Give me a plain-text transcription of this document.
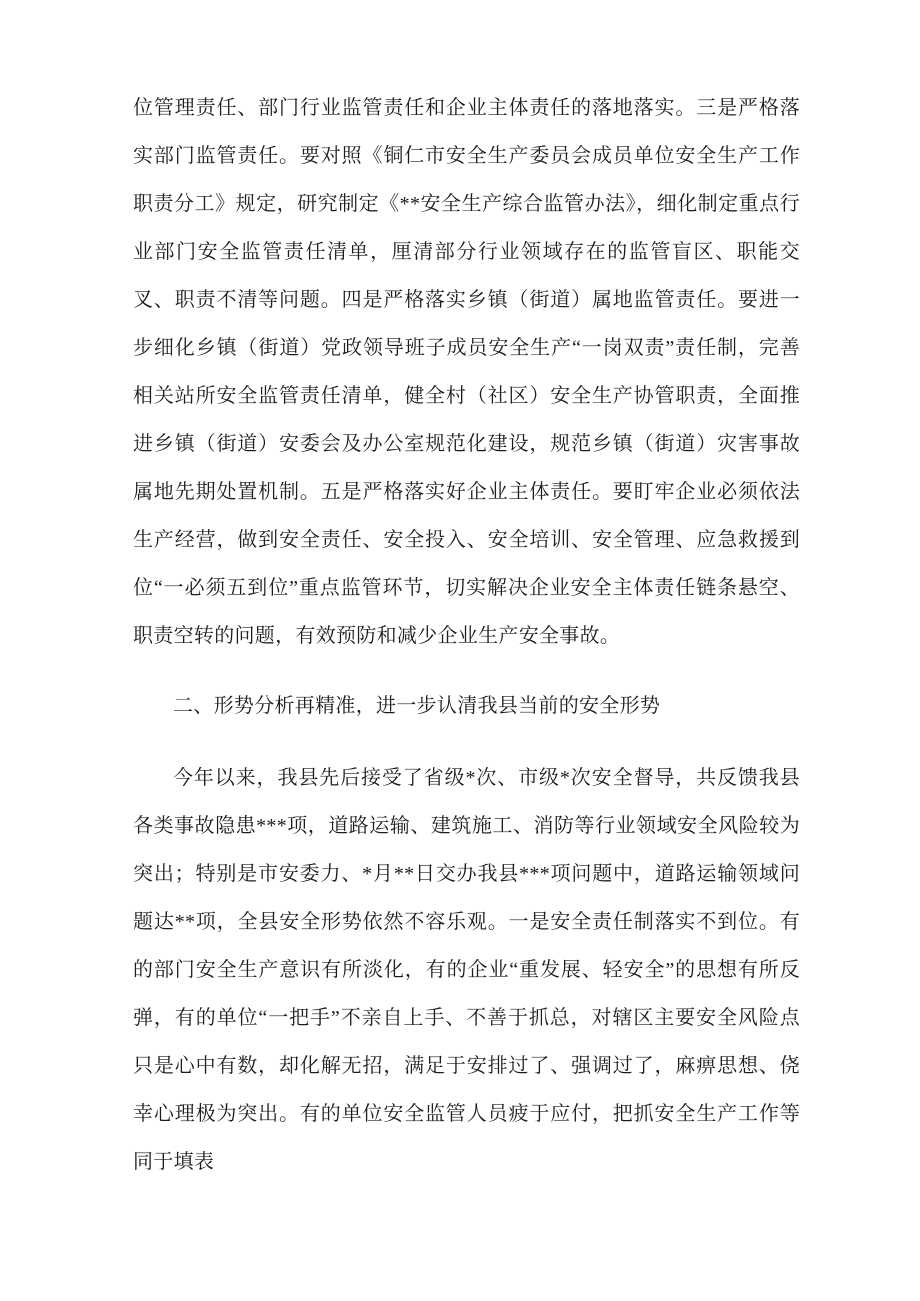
位管理责任、部门行业监管责任和企业主体责任的落地落实。三是严格落实部门监管责任。要对照《铜仁市安全生产委员会成员单位安全生产工作职责分工》规定，研究制定《**安全生产综合监管办法》，细化制定重点行业部门安全监管责任清单，厘清部分行业领域存在的监管盲区、职能交叉、职责不清等问题。四是严格落实乡镇（街道）属地监管责任。要进一步细化乡镇（街道）党政领导班子成员安全生产“一岗双责”责任制，完善相关站所安全监管责任清单，健全村（社区）安全生产协管职责，全面推进乡镇（街道）安委会及办公室规范化建设，规范乡镇（街道）灾害事故属地先期处置机制。五是严格落实好企业主体责任。要盯牢企业必须依法生产经营，做到安全责任、安全投入、安全培训、安全管理、应急救援到位“一必须五到位”重点监管环节，切实解决企业安全主体责任链条悬空、职责空转的问题，有效预防和减少企业生产安全事故。

二、形势分析再精准，进一步认清我县当前的安全形势

今年以来，我县先后接受了省级*次、市级*次安全督导，共反馈我县各类事故隐患***项，道路运输、建筑施工、消防等行业领域安全风险较为突出；特别是市安委力、*月**日交办我县***项问题中，道路运输领域问题达**项，全县安全形势依然不容乐观。一是安全责任制落实不到位。有的部门安全生产意识有所淡化，有的企业“重发展、轻安全”的思想有所反弹，有的单位“一把手”不亲自上手、不善于抓总，对辖区主要安全风险点只是心中有数，却化解无招，满足于安排过了、强调过了，麻痹思想、侥幸心理极为突出。有的单位安全监管人员疲于应付，把抓安全生产工作等同于填表
